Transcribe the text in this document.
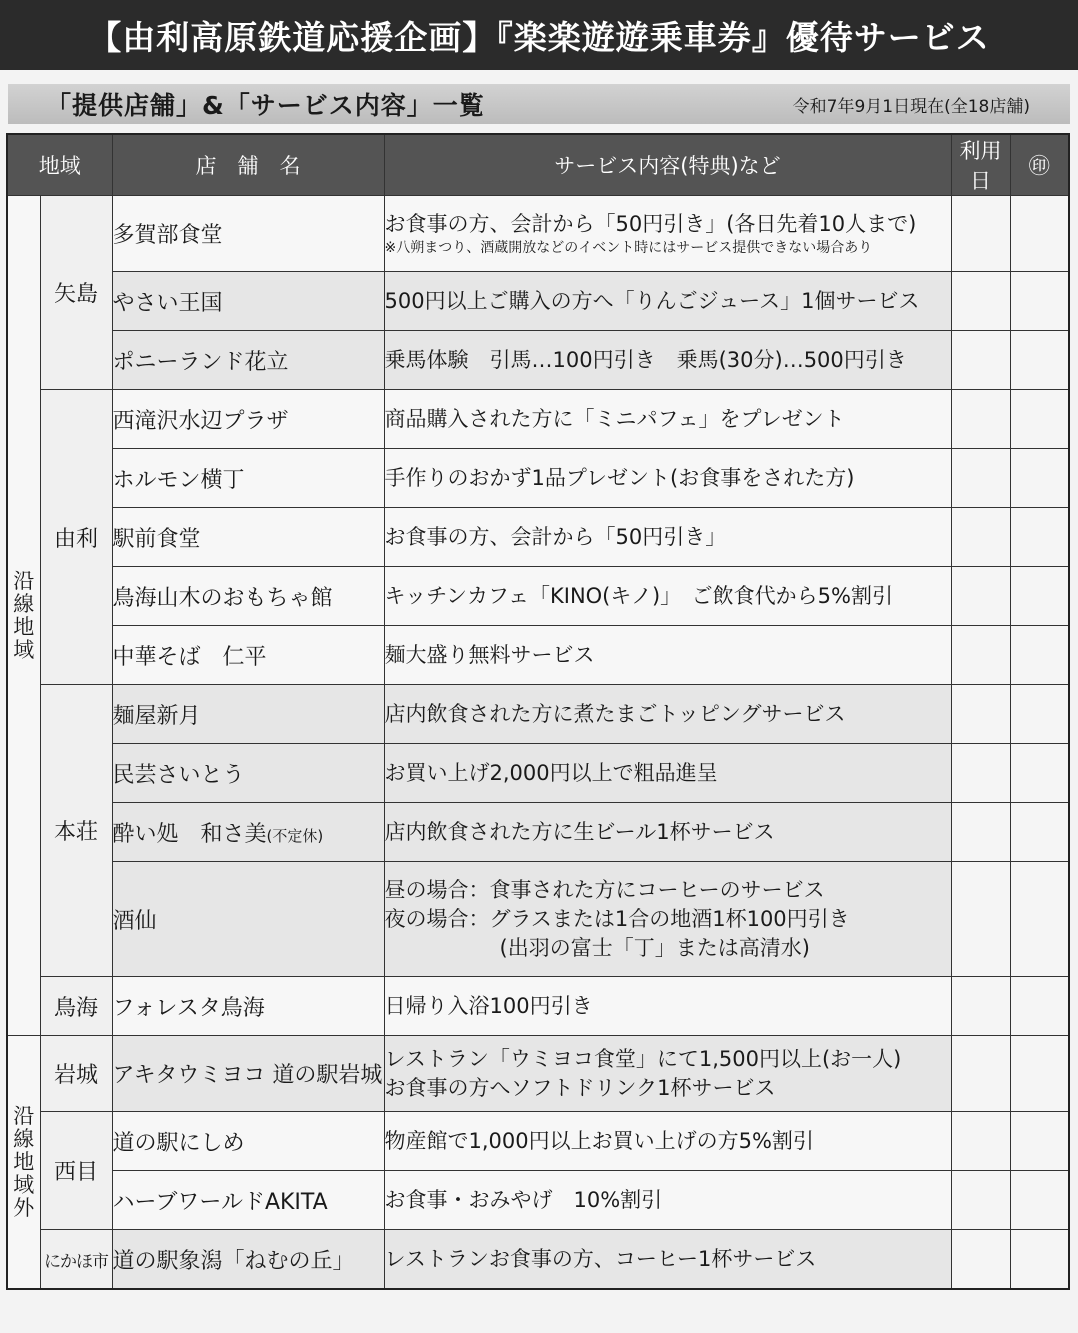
【由利高原鉄道応援企画】『楽楽遊遊乗車券』優待サービス
「提供店舗」&「サービス内容」一覧	令和7年9月1日現在(全18店舗)
地域		店　舗　名	サービス内容(特典)など	利用日	㊞
沿線地域	矢島	多賀部食堂	お食事の方、会計から「50円引き」(各日先着10人まで)
※八朔まつり、酒蔵開放などのイベント時にはサービス提供できない場合あり		

		やさい王国	500円以上ご購入の方へ「りんごジュース」1個サービス		
		ポニーランド花立	乗馬体験　引馬…100円引き　乗馬(30分)…500円引き		
	由利	西滝沢水辺プラザ	商品購入された方に「ミニパフェ」をプレゼント		
		ホルモン横丁	手作りのおかず1品プレゼント(お食事をされた方)		
		駅前食堂	お食事の方、会計から「50円引き」		
		鳥海山木のおもちゃ館	キッチンカフェ「KINO(キノ)」　ご飲食代から5%割引		
		中華そば　仁平	麺大盛り無料サービス		
	本荘	麺屋新月	店内飲食された方に煮たまごトッピングサービス		
		民芸さいとう	お買い上げ2,000円以上で粗品進呈		
		酔い処　和さ美(不定休)	店内飲食された方に生ビール1杯サービス		
		酒仙	昼の場合：食事された方にコーヒーのサービス
夜の場合：グラスまたは1合の地酒1杯100円引き
(出羽の富士「丁」または高清水)		

	鳥海	フォレスタ鳥海	日帰り入浴100円引き		
沿線地域外	岩城	アキタウミヨコ 道の駅岩城	レストラン「ウミヨコ食堂」にて1,500円以上(お一人)
お食事の方へソフトドリンク1杯サービス		

	西目	道の駅にしめ	物産館で1,000円以上お買い上げの方5%割引		
		ハーブワールドAKITA	お食事・おみやげ　10%割引		
	にかほ市	道の駅象潟「ねむの丘」	レストランお食事の方、コーヒー1杯サービス		
